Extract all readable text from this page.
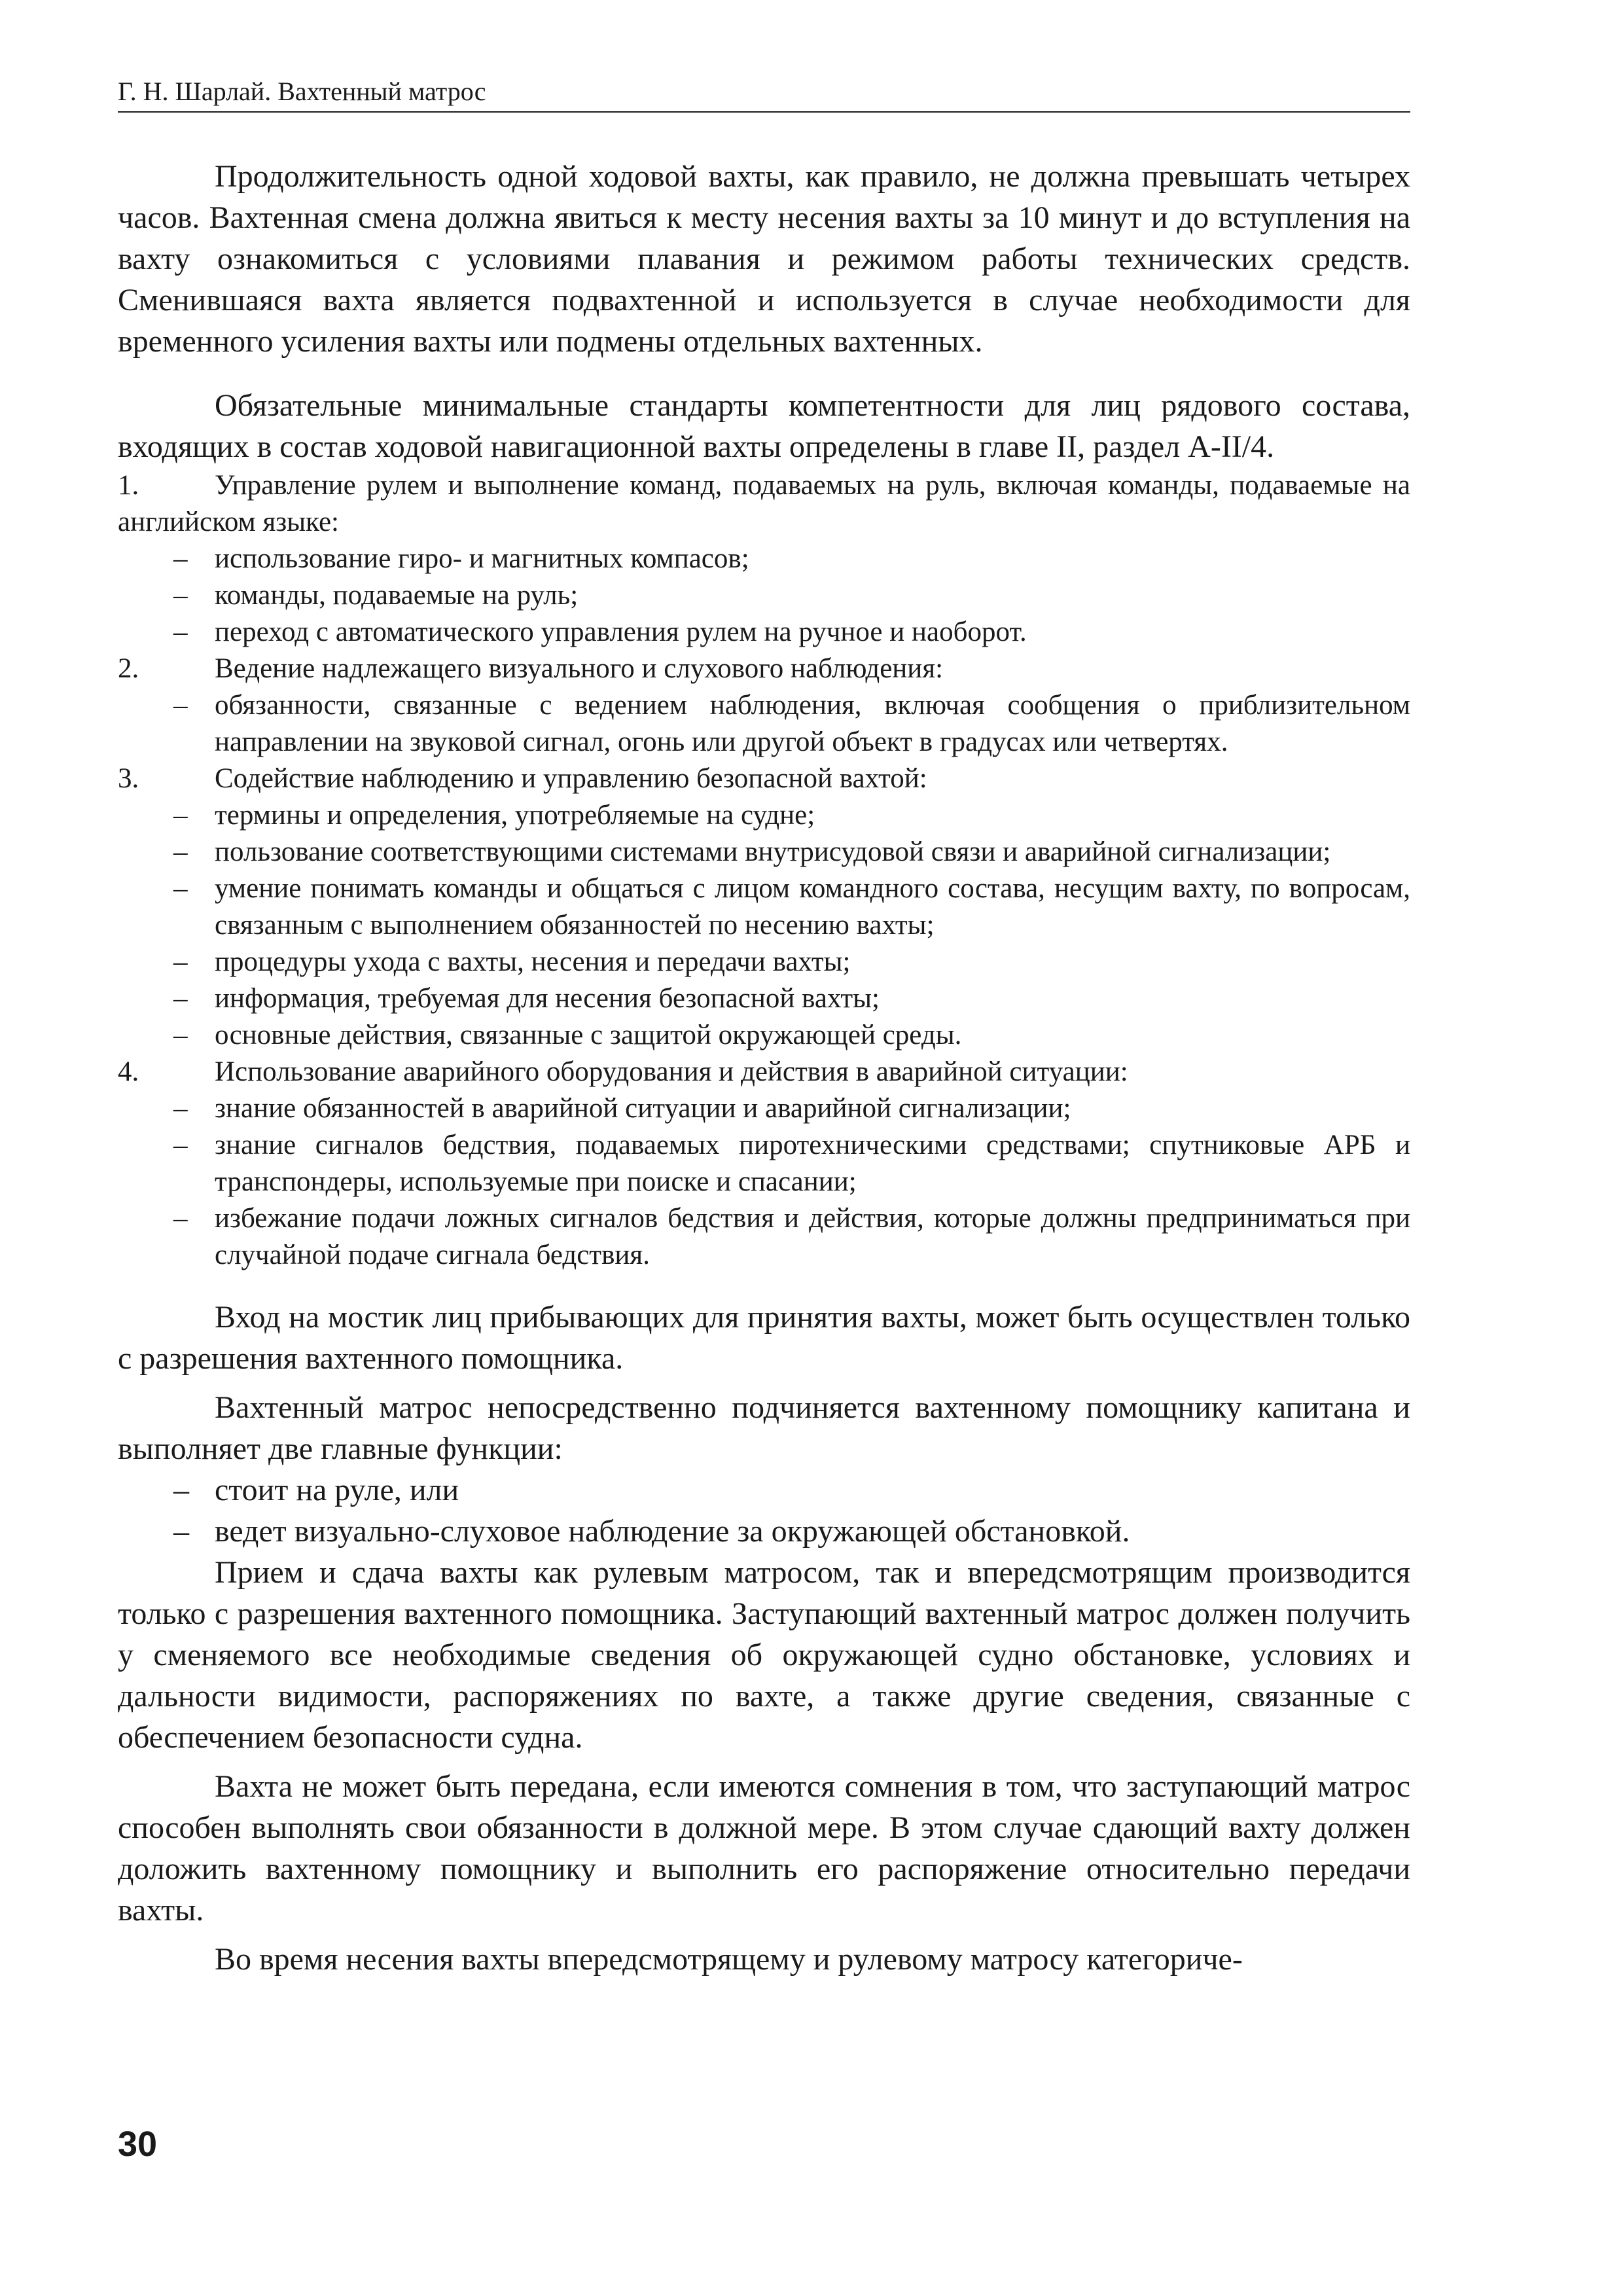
Г. Н. Шарлай. Вахтенный матрос

Продолжительность одной ходовой вахты, как правило, не должна превышать четырех часов. Вахтенная смена должна явиться к месту несения вахты за 10 минут и до вступления на вахту ознакомиться с условиями плавания и режимом работы технических средств. Сменившаяся вахта является подвахтенной и используется в случае необходимости для временного усиления вахты или подмены отдельных вахтенных.

Обязательные минимальные стандарты компетентности для лиц рядового состава, входящих в состав ходовой навигационной вахты определены в главе II, раздел А-II/4.

1.	Управление рулем и выполнение команд, подаваемых на руль, включая команды, подаваемые на английском языке:

– использование гиро- и магнитных компасов;

– команды, подаваемые на руль;

– переход с автоматического управления рулем на ручное и наоборот.

2.	Ведение надлежащего визуального и слухового наблюдения:

– обязанности, связанные с ведением наблюдения, включая сообщения о приблизительном направлении на звуковой сигнал, огонь или другой объект в градусах или четвертях.

3.	Содействие наблюдению и управлению безопасной вахтой:

– термины и определения, употребляемые на судне;

– пользование соответствующими системами внутрисудовой связи и аварийной сигнализации;

– умение понимать команды и общаться с лицом командного состава, несущим вахту, по вопросам, связанным с выполнением обязанностей по несению вахты;

– процедуры ухода с вахты, несения и передачи вахты;

– информация, требуемая для несения безопасной вахты;

– основные действия, связанные с защитой окружающей среды.

4.	Использование аварийного оборудования и действия в аварийной ситуации:

– знание обязанностей в аварийной ситуации и аварийной сигнализации;

– знание сигналов бедствия, подаваемых пиротехническими средствами; спутниковые АРБ и транспондеры, используемые при поиске и спасании;

– избежание подачи ложных сигналов бедствия и действия, которые должны предприниматься при случайной подаче сигнала бедствия.

Вход на мостик лиц прибывающих для принятия вахты, может быть осуществлен только с разрешения вахтенного помощника.

Вахтенный матрос непосредственно подчиняется вахтенному помощнику капитана и выполняет две главные функции:

– стоит на руле, или

– ведет визуально-слуховое наблюдение за окружающей обстановкой.

Прием и сдача вахты как рулевым матросом, так и впередсмотрящим производится только с разрешения вахтенного помощника. Заступающий вахтенный матрос должен получить у сменяемого все необходимые сведения об окружающей судно обстановке, условиях и дальности видимости, распоряжениях по вахте, а также другие сведения, связанные с обеспечением безопасности судна.

Вахта не может быть передана, если имеются сомнения в том, что заступающий матрос способен выполнять свои обязанности в должной мере. В этом случае сдающий вахту должен доложить вахтенному помощнику и выполнить его распоряжение относительно передачи вахты.

Во время несения вахты впередсмотрящему и рулевому матросу категориче-

30
